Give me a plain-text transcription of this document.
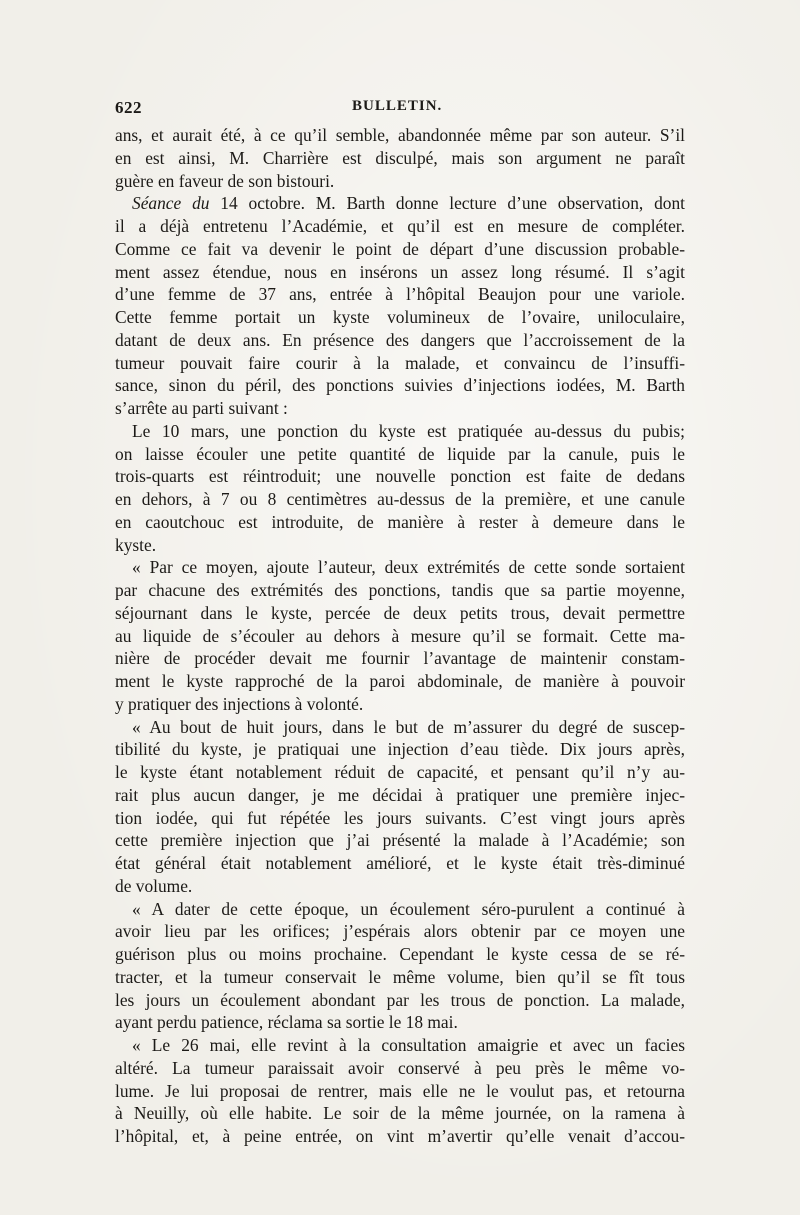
622	BULLETIN.
ans, et aurait été, à ce qu’il semble, abandonnée même par son auteur. S’il
en est ainsi, M. Charrière est disculpé, mais son argument ne paraît
guère en faveur de son bistouri.
Séance du 14 octobre. M. Barth donne lecture d’une observation, dont
il a déjà entretenu l’Académie, et qu’il est en mesure de compléter.
Comme ce fait va devenir le point de départ d’une discussion probable-
ment assez étendue, nous en insérons un assez long résumé. Il s’agit
d’une femme de 37 ans, entrée à l’hôpital Beaujon pour une variole.
Cette femme portait un kyste volumineux de l’ovaire, uniloculaire,
datant de deux ans. En présence des dangers que l’accroissement de la
tumeur pouvait faire courir à la malade, et convaincu de l’insuffi-
sance, sinon du péril, des ponctions suivies d’injections iodées, M. Barth
s’arrête au parti suivant :
Le 10 mars, une ponction du kyste est pratiquée au-dessus du pubis;
on laisse écouler une petite quantité de liquide par la canule, puis le
trois-quarts est réintroduit; une nouvelle ponction est faite de dedans
en dehors, à 7 ou 8 centimètres au-dessus de la première, et une canule
en caoutchouc est introduite, de manière à rester à demeure dans le
kyste.
« Par ce moyen, ajoute l’auteur, deux extrémités de cette sonde sortaient
par chacune des extrémités des ponctions, tandis que sa partie moyenne,
séjournant dans le kyste, percée de deux petits trous, devait permettre
au liquide de s’écouler au dehors à mesure qu’il se formait. Cette ma-
nière de procéder devait me fournir l’avantage de maintenir constam-
ment le kyste rapproché de la paroi abdominale, de manière à pouvoir
y pratiquer des injections à volonté.
« Au bout de huit jours, dans le but de m’assurer du degré de suscep-
tibilité du kyste, je pratiquai une injection d’eau tiède. Dix jours après,
le kyste étant notablement réduit de capacité, et pensant qu’il n’y au-
rait plus aucun danger, je me décidai à pratiquer une première injec-
tion iodée, qui fut répétée les jours suivants. C’est vingt jours après
cette première injection que j’ai présenté la malade à l’Académie; son
état général était notablement amélioré, et le kyste était très-diminué
de volume.
« A dater de cette époque, un écoulement séro-purulent a continué à
avoir lieu par les orifices; j’espérais alors obtenir par ce moyen une
guérison plus ou moins prochaine. Cependant le kyste cessa de se ré-
tracter, et la tumeur conservait le même volume, bien qu’il se fît tous
les jours un écoulement abondant par les trous de ponction. La malade,
ayant perdu patience, réclama sa sortie le 18 mai.
« Le 26 mai, elle revint à la consultation amaigrie et avec un facies
altéré. La tumeur paraissait avoir conservé à peu près le même vo-
lume. Je lui proposai de rentrer, mais elle ne le voulut pas, et retourna
à Neuilly, où elle habite. Le soir de la même journée, on la ramena à
l’hôpital, et, à peine entrée, on vint m’avertir qu’elle venait d’accou-
